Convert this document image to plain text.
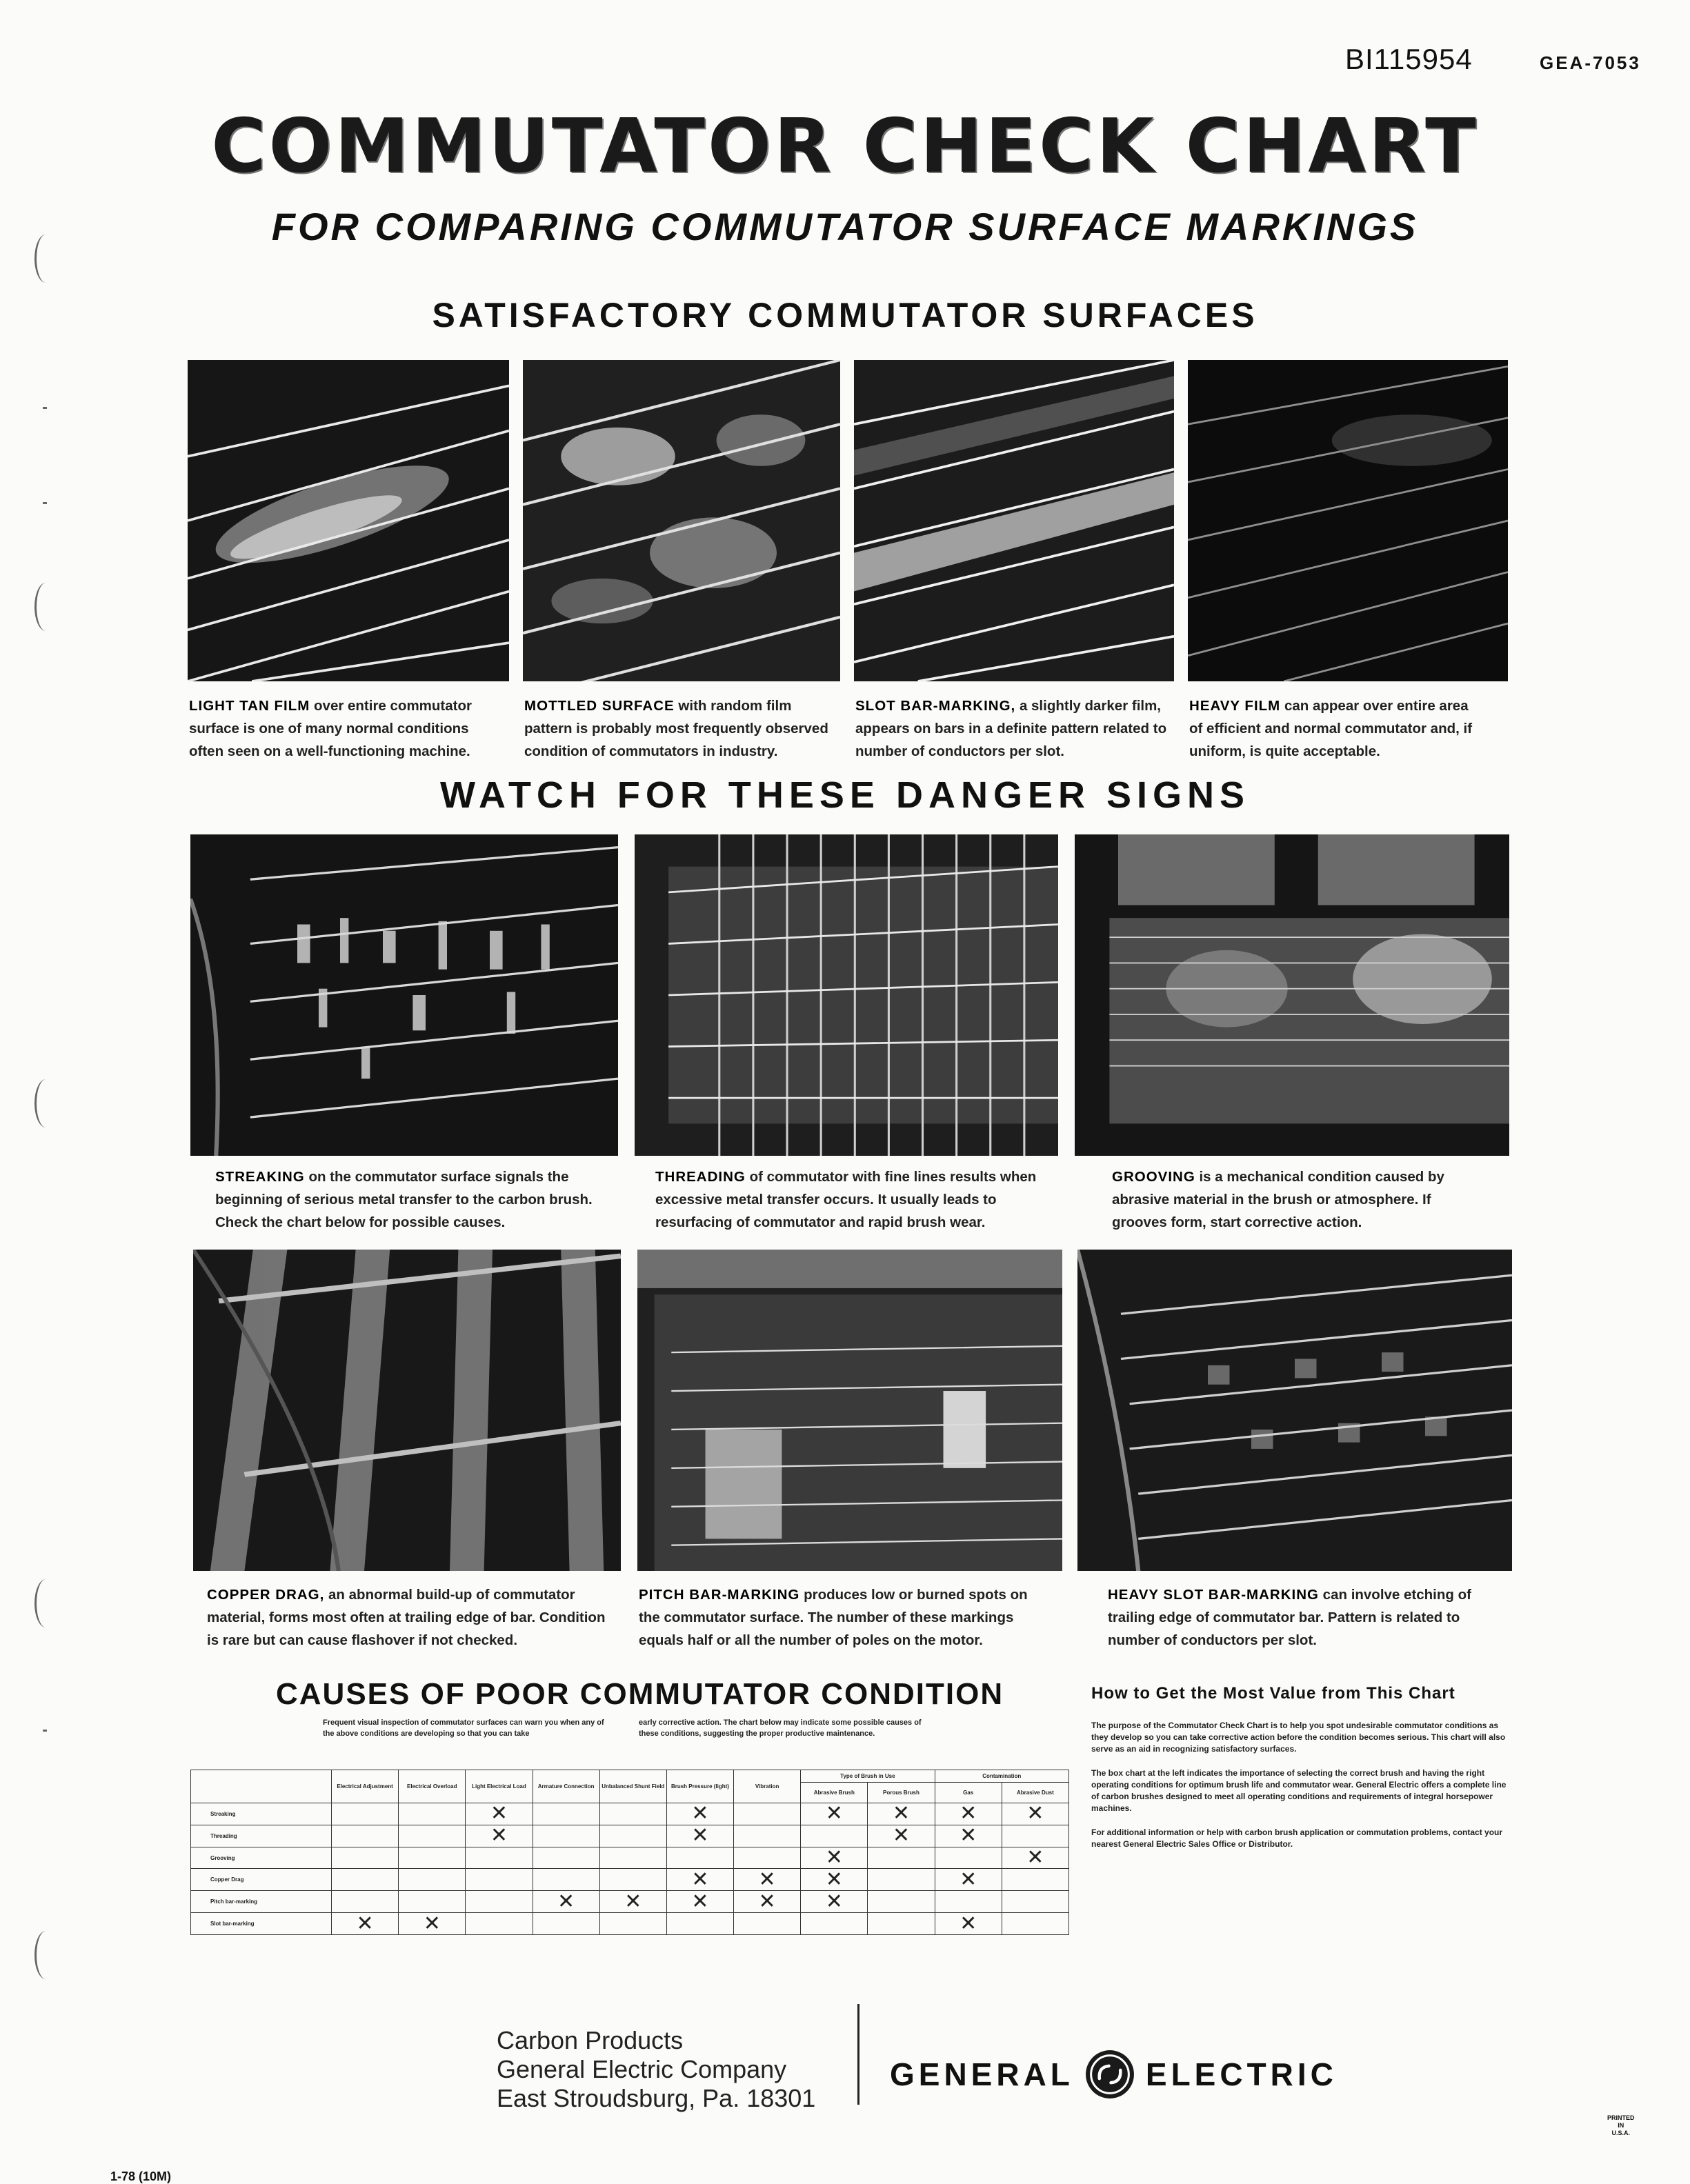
BI115954	GEA-7053
COMMUTATOR CHECK CHART
FOR COMPARING COMMUTATOR SURFACE MARKINGS
SATISFACTORY COMMUTATOR SURFACES
LIGHT TAN FILM over entire commutator surface is one of many normal conditions often seen on a well-functioning machine.
MOTTLED SURFACE with random film pattern is probably most frequently observed condition of commutators in industry.
SLOT BAR-MARKING, a slightly darker film, appears on bars in a definite pattern related to number of conductors per slot.
HEAVY FILM can appear over entire area of efficient and normal commutator and, if uniform, is quite acceptable.
WATCH FOR THESE DANGER SIGNS
STREAKING on the commutator surface signals the beginning of serious metal transfer to the carbon brush. Check the chart below for possible causes.
THREADING of commutator with fine lines results when excessive metal transfer occurs. It usually leads to resurfacing of commutator and rapid brush wear.
GROOVING is a mechanical condition caused by abrasive material in the brush or atmosphere. If grooves form, start corrective action.
COPPER DRAG, an abnormal build-up of commutator material, forms most often at trailing edge of bar. Condition is rare but can cause flashover if not checked.
PITCH BAR-MARKING produces low or burned spots on the commutator surface. The number of these markings equals half or all the number of poles on the motor.
HEAVY SLOT BAR-MARKING can involve etching of trailing edge of commutator bar. Pattern is related to number of conductors per slot.
CAUSES OF POOR COMMUTATOR CONDITION
Frequent visual inspection of commutator surfaces can warn you when any of the above conditions are developing so that you can take
early corrective action. The chart below may indicate some possible causes of these conditions, suggesting the proper productive maintenance.
	Electrical Adjustment	Electrical Overload	Light Electrical Load	Armature Connection	Unbalanced Shunt Field	Brush Pressure (light)	Vibration	Type of Brush in Use		Contamination	
								Abrasive Brush	Porous Brush	Gas	Abrasive Dust
Streaking			✕			✕		✕	✕	✕	✕
Threading			✕			✕			✕	✕	
Grooving								✕			✕
Copper Drag						✕	✕	✕		✕	
Pitch bar-marking				✕	✕	✕	✕	✕			
Slot bar-marking	✕	✕								✕	
How to Get the Most Value from This Chart

The purpose of the Commutator Check Chart is to help you spot undesirable commutator conditions as they develop so you can take corrective action before the condition becomes serious. This chart will also serve as an aid in recognizing satisfactory surfaces.

The box chart at the left indicates the importance of selecting the correct brush and having the right operating conditions for optimum brush life and commutator wear. General Electric offers a complete line of carbon brushes designed to meet all operating conditions and requirements of integral horsepower machines.

For additional information or help with carbon brush application or commutation problems, contact your nearest General Electric Sales Office or Distributor.

Carbon Products
General Electric Company
East Stroudsburg, Pa. 18301
GENERAL ELECTRIC
1-78 (10M)
PRINTED
IN
U.S.A.
